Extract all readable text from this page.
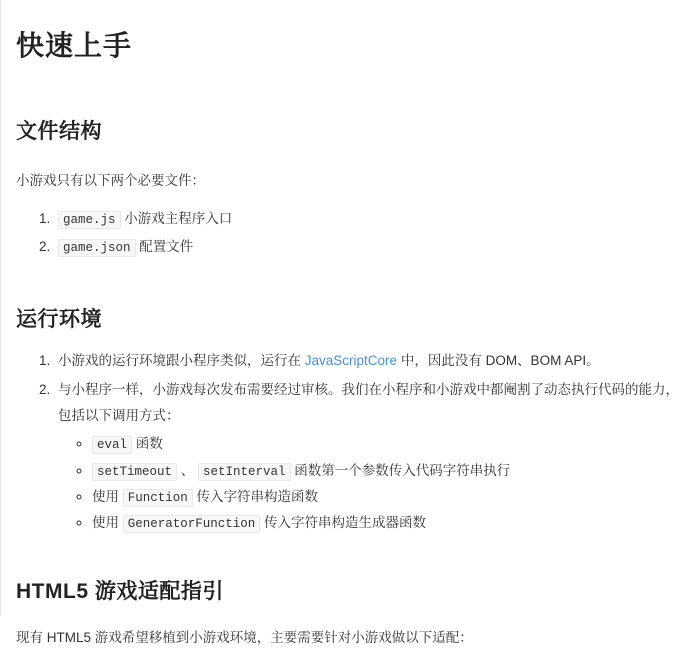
快速上手
文件结构

小游戏只有以下两个必要文件：

1. game.js 小游戏主程序入口
2. game.json 配置文件
运行环境
1. 小游戏的运行环境跟小程序类似，运行在 JavaScriptCore 中，因此没有 DOM、BOM API。
2. 与小程序一样，小游戏每次发布需要经过审核。我们在小程序和小游戏中都阉割了动态执行代码的能力，包括以下调用方式：
◦ eval 函数
◦ setTimeout 、 setInterval 函数第一个参数传入代码字符串执行
◦ 使用 Function 传入字符串构造函数
◦ 使用 GeneratorFunction 传入字符串构造生成器函数
HTML5 游戏适配指引

现有 HTML5 游戏希望移植到小游戏环境，主要需要针对小游戏做以下适配：
